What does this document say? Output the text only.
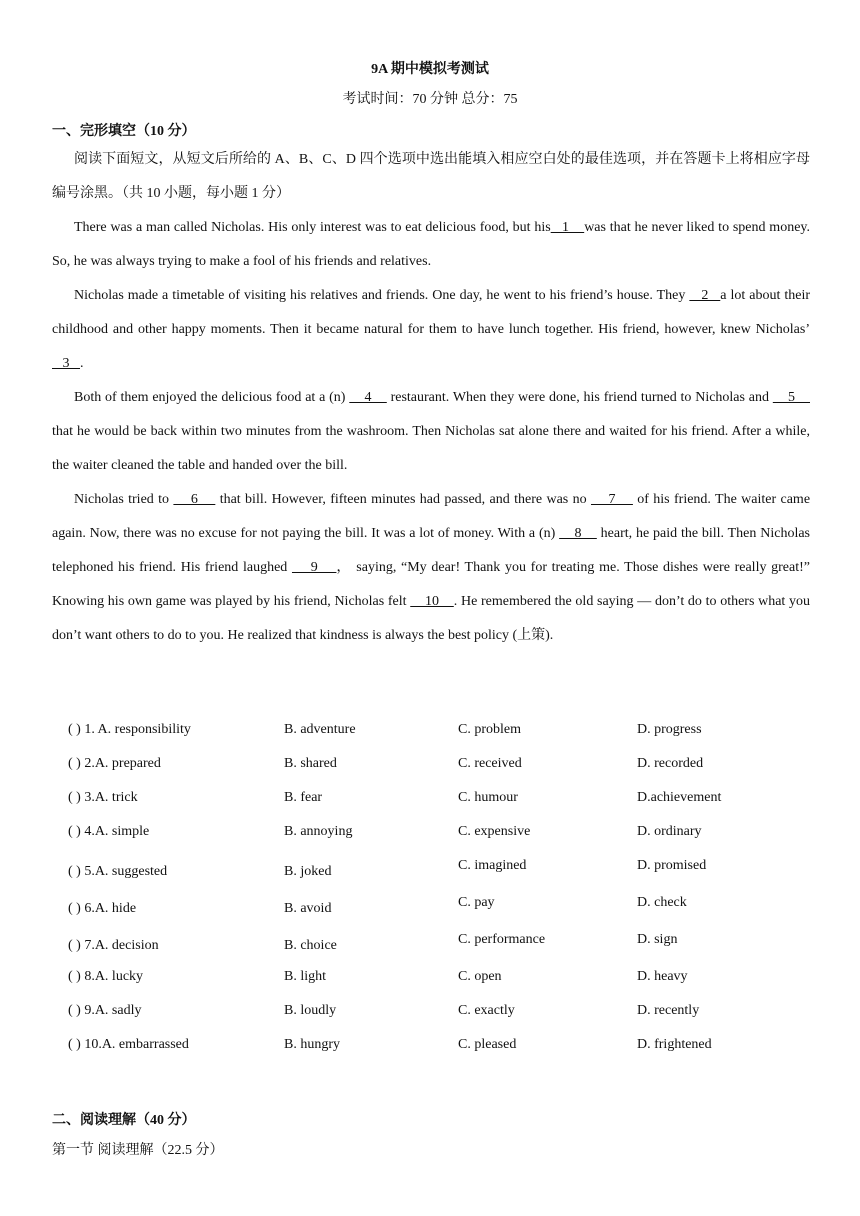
9A 期中模拟考测试
考试时间：70 分钟 总分：75
一、完形填空（10 分）
阅读下面短文，从短文后所给的 A、B、C、D 四个选项中选出能填入相应空白处的最佳选项，并在答题卡上将相应字母编号涂黑。（共 10 小题，每小题 1 分）
There was a man called Nicholas. His only interest was to eat delicious food, but his   1    was that he never liked to spend money. So, he was always trying to make a fool of his friends and relatives.
Nicholas made a timetable of visiting his relatives and friends. One day, he went to his friend’s house. They    2   a lot about their childhood and other happy moments. Then it became natural for them to have lunch together. His friend, however, knew Nicholas’    3   .
Both of them enjoyed the delicious food at a (n)     4     restaurant. When they were done, his friend turned to Nicholas and     5     that he would be back within two minutes from the washroom. Then Nicholas sat alone there and waited for his friend. After a while, the waiter cleaned the table and handed over the bill.
Nicholas tried to     6     that bill. However, fifteen minutes had passed, and there was no     7     of his friend. The waiter came again. Now, there was no excuse for not paying the bill. It was a lot of money. With a (n)     8     heart, he paid the bill. Then Nicholas telephoned his friend. His friend laughed     9    ， saying, “My dear! Thank you for treating me. Those dishes were really great!” Knowing his own game was played by his friend, Nicholas felt     10    . He remembered the old saying — don’t do to others what you don’t want others to do to you. He realized that kindness is always the best policy (上策).
( ) 1. A. responsibility	B. adventure	C. problem	D. progress
( ) 2.A. prepared	B. shared	C. received	D. recorded
( ) 3.A. trick	B. fear	C. humour	D.achievement
( ) 4.A. simple	B. annoying	C. expensive	D. ordinary
( ) 5.A. suggested	B. joked	C. imagined	D. promised
( ) 6.A. hide	B. avoid	C. pay	D. check
( ) 7.A. decision	B. choice	C. performance	D. sign
( ) 8.A. lucky	B. light	C. open	D. heavy
( ) 9.A. sadly	B. loudly	C. exactly	D. recently
( ) 10.A. embarrassed	B. hungry	C. pleased	D. frightened
二、阅读理解（40 分）
第一节 阅读理解（22.5 分）
